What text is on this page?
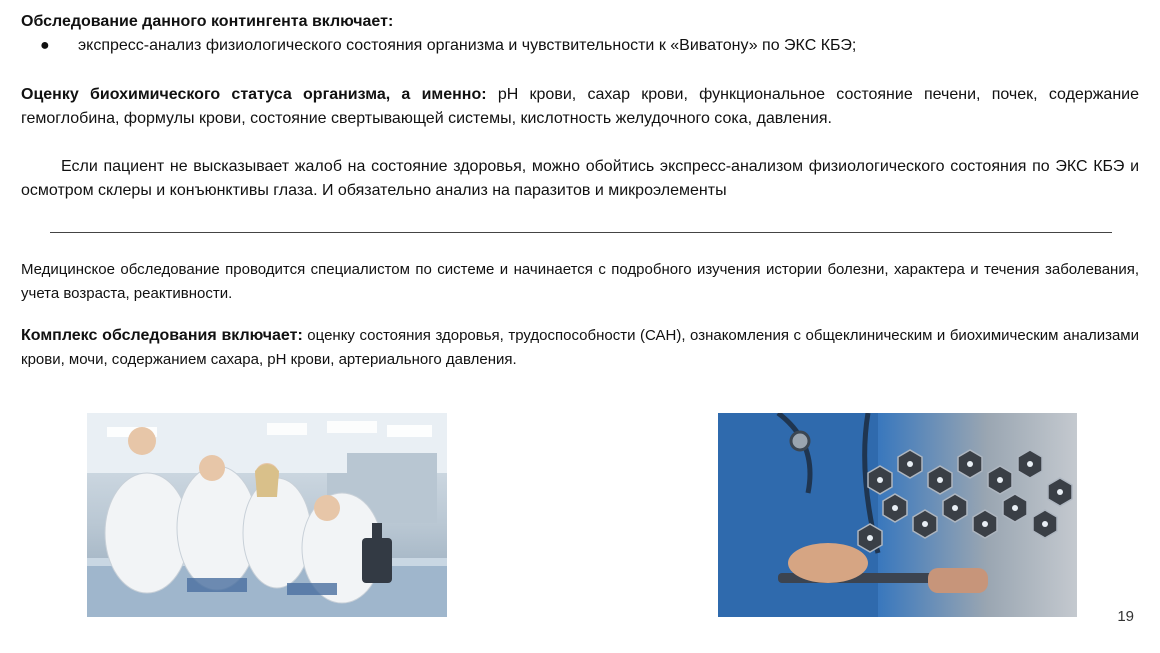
Обследование данного контингента включает:
● экспресс-анализ физиологического состояния организма и чувствительности к «Виватону» по ЭКС КБЭ;

Оценку биохимического статуса организма, а именно: рН крови, сахар крови, функциональное состояние печени, почек, содержание гемоглобина, формулы крови, состояние свертывающей системы, кислотность желудочного сока, давления.

Если пациент не высказывает жалоб на состояние здоровья, можно обойтись экспресс-анализом физиологического состояния по ЭКС КБЭ и осмотром склеры и конъюнктивы глаза. И обязательно анализ на паразитов и микроэлементы

Медицинское обследование проводится специалистом по системе и начинается с подробного изучения истории болезни, характера и течения заболевания, учета возраста, реактивности.

Комплекс обследования включает: оценку состояния здоровья, трудоспособности (САН), ознакомления с общеклиническим и биохимическим анализами крови, мочи, содержанием сахара, рН крови, артериального давления.

19
